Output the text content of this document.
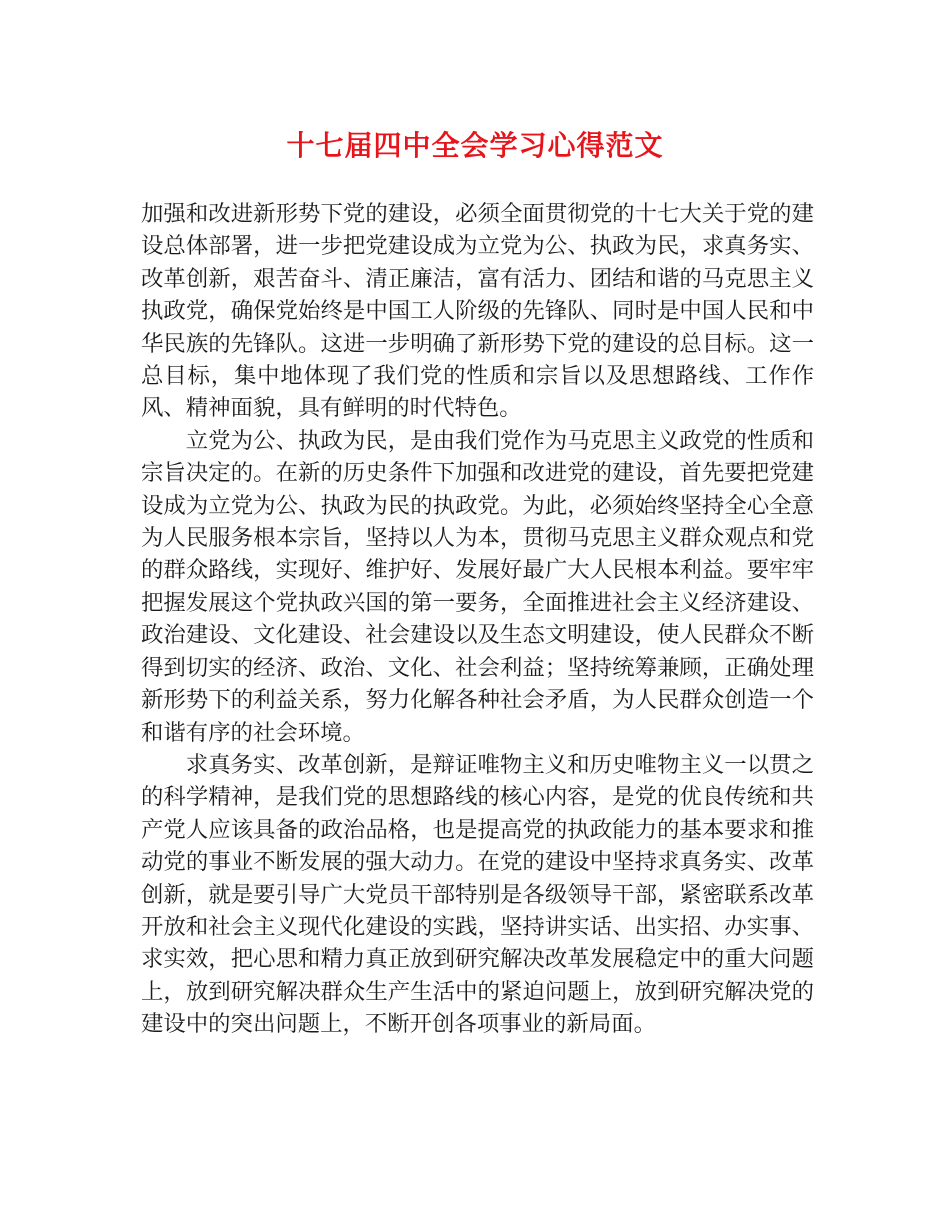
十七届四中全会学习心得范文

加强和改进新形势下党的建设，必须全面贯彻党的十七大关于党的建设总体部署，进一步把党建设成为立党为公、执政为民，求真务实、改革创新，艰苦奋斗、清正廉洁，富有活力、团结和谐的马克思主义执政党，确保党始终是中国工人阶级的先锋队、同时是中国人民和中华民族的先锋队。这进一步明确了新形势下党的建设的总目标。这一总目标，集中地体现了我们党的性质和宗旨以及思想路线、工作作风、精神面貌，具有鲜明的时代特色。

立党为公、执政为民，是由我们党作为马克思主义政党的性质和宗旨决定的。在新的历史条件下加强和改进党的建设，首先要把党建设成为立党为公、执政为民的执政党。为此，必须始终坚持全心全意为人民服务根本宗旨，坚持以人为本，贯彻马克思主义群众观点和党的群众路线，实现好、维护好、发展好最广大人民根本利益。要牢牢把握发展这个党执政兴国的第一要务，全面推进社会主义经济建设、政治建设、文化建设、社会建设以及生态文明建设，使人民群众不断得到切实的经济、政治、文化、社会利益；坚持统筹兼顾，正确处理新形势下的利益关系，努力化解各种社会矛盾，为人民群众创造一个和谐有序的社会环境。

求真务实、改革创新，是辩证唯物主义和历史唯物主义一以贯之的科学精神，是我们党的思想路线的核心内容，是党的优良传统和共产党人应该具备的政治品格，也是提高党的执政能力的基本要求和推动党的事业不断发展的强大动力。在党的建设中坚持求真务实、改革创新，就是要引导广大党员干部特别是各级领导干部，紧密联系改革开放和社会主义现代化建设的实践，坚持讲实话、出实招、办实事、求实效，把心思和精力真正放到研究解决改革发展稳定中的重大问题上，放到研究解决群众生产生活中的紧迫问题上，放到研究解决党的建设中的突出问题上，不断开创各项事业的新局面。
